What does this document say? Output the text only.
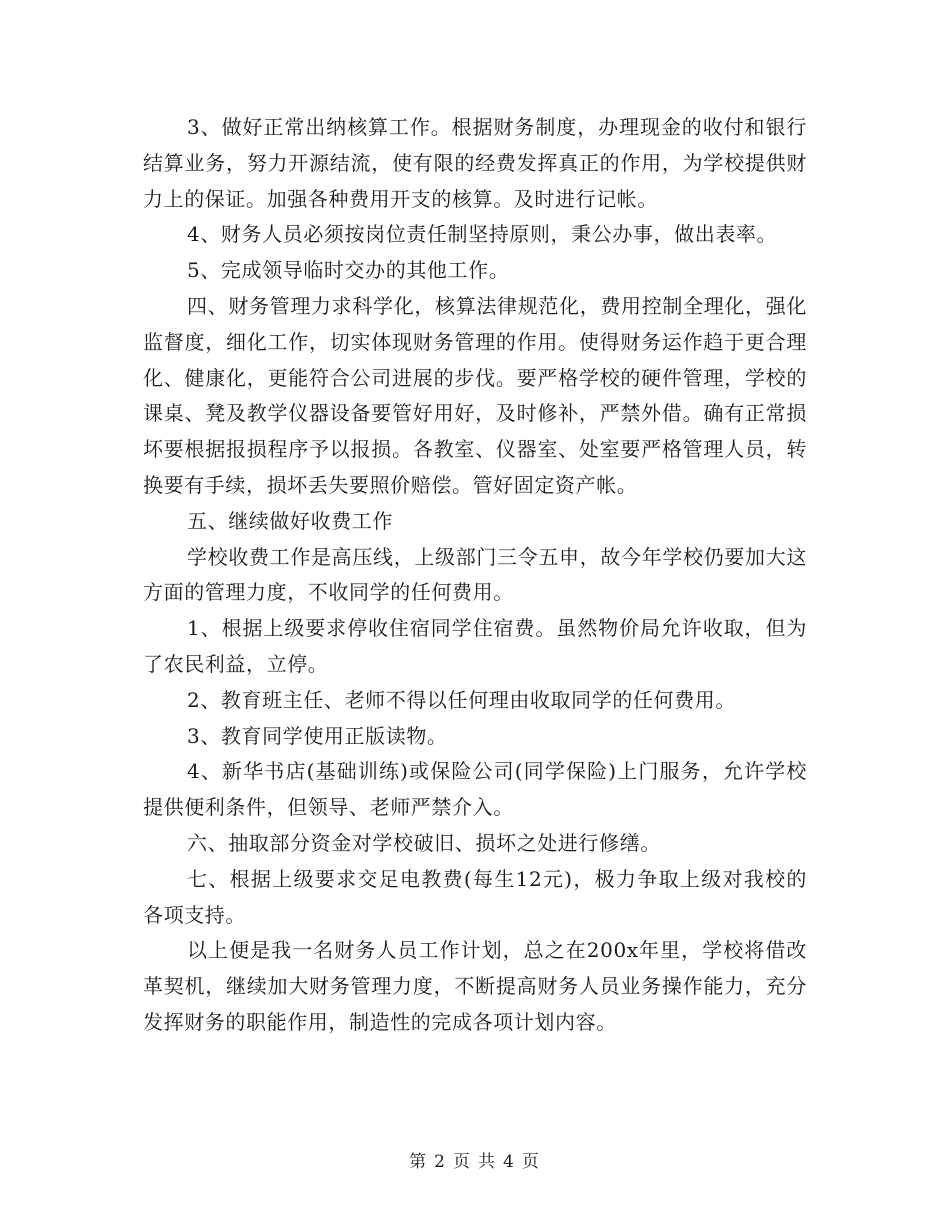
3、做好正常出纳核算工作。根据财务制度，办理现金的收付和银行结算业务，努力开源结流，使有限的经费发挥真正的作用，为学校提供财力上的保证。加强各种费用开支的核算。及时进行记帐。

4、财务人员必须按岗位责任制坚持原则，秉公办事，做出表率。

5、完成领导临时交办的其他工作。

四、财务管理力求科学化，核算法律规范化，费用控制全理化，强化监督度，细化工作，切实体现财务管理的作用。使得财务运作趋于更合理化、健康化，更能符合公司进展的步伐。要严格学校的硬件管理，学校的课桌、凳及教学仪器设备要管好用好，及时修补，严禁外借。确有正常损坏要根据报损程序予以报损。各教室、仪器室、处室要严格管理人员，转换要有手续，损坏丢失要照价赔偿。管好固定资产帐。

五、继续做好收费工作

学校收费工作是高压线，上级部门三令五申，故今年学校仍要加大这方面的管理力度，不收同学的任何费用。

1、根据上级要求停收住宿同学住宿费。虽然物价局允许收取，但为了农民利益，立停。

2、教育班主任、老师不得以任何理由收取同学的任何费用。

3、教育同学使用正版读物。

4、新华书店(基础训练)或保险公司(同学保险)上门服务，允许学校提供便利条件，但领导、老师严禁介入。

六、抽取部分资金对学校破旧、损坏之处进行修缮。

七、根据上级要求交足电教费(每生12元)，极力争取上级对我校的各项支持。

以上便是我一名财务人员工作计划，总之在200x年里，学校将借改革契机，继续加大财务管理力度，不断提高财务人员业务操作能力，充分发挥财务的职能作用，制造性的完成各项计划内容。

第 2 页 共 4 页
